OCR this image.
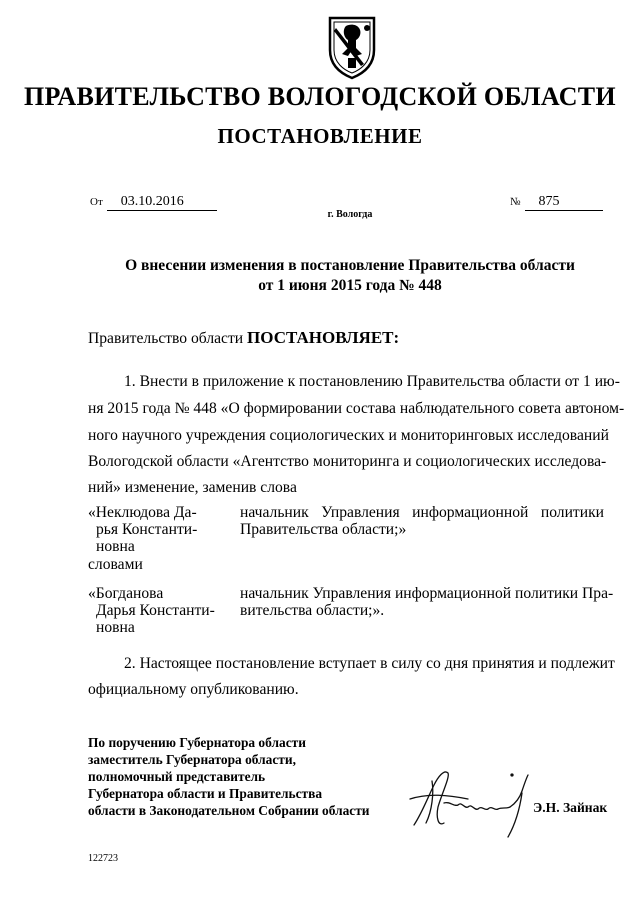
ПРАВИТЕЛЬСТВО ВОЛОГОДСКОЙ ОБЛАСТИ
ПОСТАНОВЛЕНИЕ
От 03.10.2016	№ 875
г. Вологда
О внесении изменения в постановление Правительства области
от 1 июня 2015 года № 448
Правительство области ПОСТАНОВЛЯЕТ:
1. Внести в приложение к постановлению Правительства области от 1 ию-
ня 2015 года № 448 «О формировании состава наблюдательного совета автоном-
ного научного учреждения социологических и мониторинговых исследований
Вологодской области «Агентство мониторинга и социологических исследова-
ний» изменение, заменив слова
«Неклюдова Да-
рья Константи-
новна
начальник Управления информационной политики
Правительства области;»
словами
«Богданова
Дарья Константи-
новна
начальник Управления информационной политики Пра-
вительства области;».
2. Настоящее постановление вступает в силу со дня принятия и подлежит
официальному опубликованию.
По поручению Губернатора области
заместитель Губернатора области,
полномочный представитель
Губернатора области и Правительства
области в Законодательном Собрании области	Э.Н. Зайнак
122723
